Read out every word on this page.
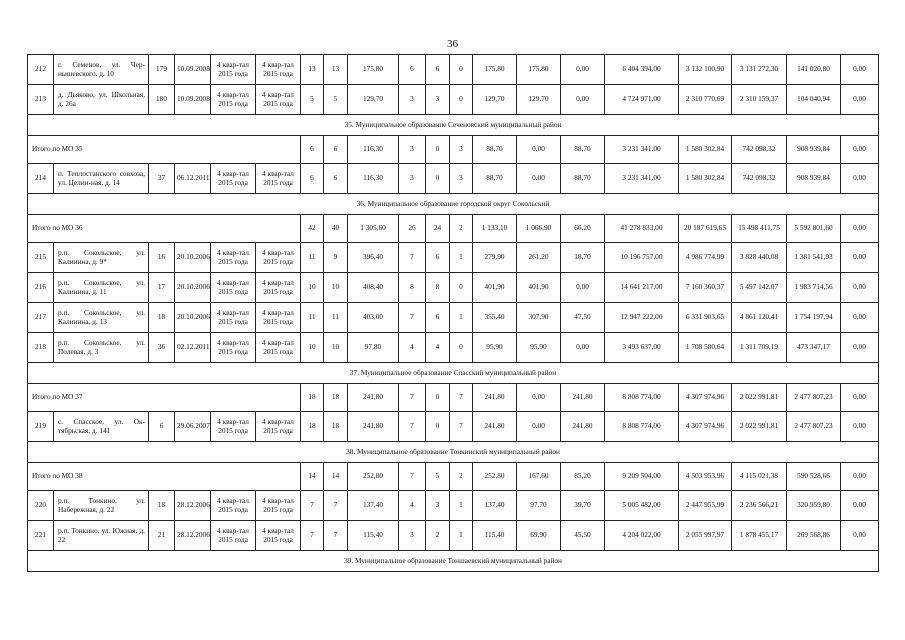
36
212	г. Семенов, ул. Чер-нышевского, д. 10	179	10.09.2008	4 квар-тал 2015 года	4 квар-тал 2015 года	13	13	175,80	6	6	0	175,80	175,80	0,00	6 404 394,00	3 132 100,90	3 131 272,30	141 020,80	0,00
213	д. Дьяково, ул. Школьная, д. 26а	180	10.09.2008	4 квар-тал 2015 года	4 квар-тал 2015 года	5	5	129,70	3	3	0	129,70	129,70	0,00	4 724 971,00	2 310 770,69	2 310 159,37	104 040,94	0,00
35. Муниципальное образование Сеченовский муниципальный район																			
Итого по МО 35						6	6	116,30	3	0	3	88,70	0,00	88,70	3 231 341,00	1 580 302,84	742 098,32	908 939,84	0,00
214	п. Теплостанского совхоза, ул. Целин-ная, д. 14	37	06.12.2011	4 квар-тал 2015 года	4 квар-тал 2015 года	6	6	116,30	3	0	3	88,70	0,00	88,70	3 231 341,00	1 580 302,84	742 098,32	908 939,84	0,00
36. Муниципальное образование городской округ Сокольский																			
Итого по МО 36						42	40	1 305,60	26	24	2	1 133,10	1 066,90	66,20	41 278 833,00	20 187 619,65	15 498 411,75	5 592 801,60	0,00
215	р.п. Сокольское, ул. Калинина, д. 9*	16	20.10.2006	4 квар-тал 2015 года	4 квар-тал 2015 года	11	9	396,40	7	6	1	279,90	261,20	18,70	10 196 757,00	4 986 774,99	3 828 440,08	1 381 541,93	0,00
216	р.п. Сокольское, ул. Калинина, д. 11	17	20.10.2006	4 квар-тал 2015 года	4 квар-тал 2015 года	10	10	408,40	8	8	0	401,90	401,90	0,00	14 641 217,00	7 160 360,37	5 497 142,07	1 983 714,56	0,00
217	р.п. Сокольское, ул. Калинина, д. 13	18	20.10.2006	4 квар-тал 2015 года	4 квар-тал 2015 года	11	11	403,00	7	6	1	355,40	307,90	47,50	12 947 222,00	6 331 903,65	4 861 120,41	1 754 197,94	0,00
218	р.п. Сокольское, ул. Полевая, д. 3	36	02.12.2011	4 квар-тал 2015 года	4 квар-тал 2015 года	10	10	97,80	4	4	0	95,90	95,90	0,00	3 493 637,00	1 708 580,64	1 311 709,19	473 347,17	0,00
37. Муниципальное образование Спасский муниципальный район																			
Итого по МО 37						18	18	241,80	7	0	7	241,80	0,00	241,80	8 808 774,00	4 307 974,96	2 022 991,81	2 477 807,23	0,00
219	с. Спасское, ул. Ок-тябрьская, д. 141	6	29.06.2007	4 квар-тал 2015 года	4 квар-тал 2015 года	18	18	241,80	7	0	7	241,80	0,00	241,80	8 808 774,00	4 307 974,96	2 022 991,81	2 477 807,23	0,00
38. Муниципальное образование Тонкинский муниципальный район																			
Итого по МО 38						14	14	252,80	7	5	2	252,80	167,60	85,20	9 209 504,00	4 503 953,96	4 115 021,38	590 528,66	0,00
220	р.п. Тонкино, ул. Набережная, д. 22	18	28.12.2006	4 квар-тал 2015 года	4 квар-тал 2015 года	7	7	137,40	4	3	1	137,40	97,70	39,70	5 005 482,00	2 447 955,99	2 236 566,21	320 959,80	0,00
221	р.п. Тонкино, ул. Южная, д. 22	21	28.12.2006	4 квар-тал 2015 года	4 квар-тал 2015 года	7	7	115,40	3	2	1	115,40	69,90	45,50	4 204 022,00	2 055 997,97	1 878 455,17	269 568,86	0,00
39. Муниципальное образование Тоншаевский муниципальный район																			
